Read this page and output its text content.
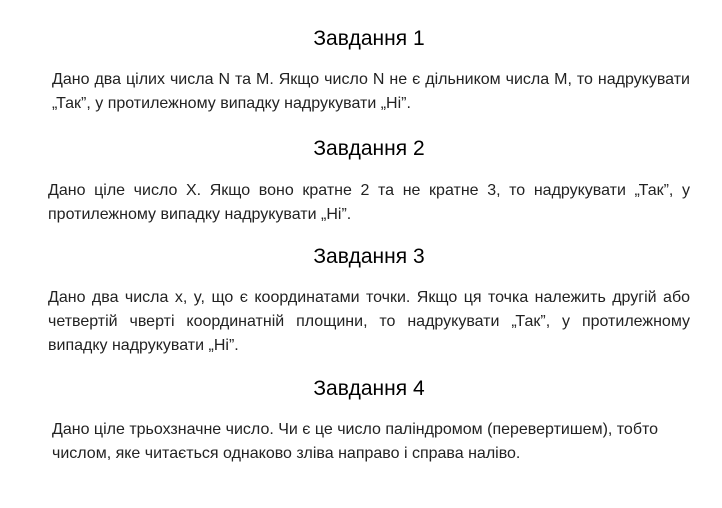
Завдання 1

Дано два цілих числа N та M. Якщо число N не є дільником числа M, то надрукувати „Так”, у протилежному випадку надрукувати „Ні”.

Завдання 2

Дано ціле число X. Якщо воно кратне 2 та не кратне 3, то надрукувати „Так”, у протилежному випадку надрукувати „Ні”.

Завдання 3

Дано два числа x, y, що є координатами точки. Якщо ця точка належить другій або четвертій чверті координатній площини, то надрукувати „Так”, у протилежному випадку надрукувати „Ні”.

Завдання 4

Дано ціле трьохзначне число. Чи є це число паліндромом (перевертишем), тобто числом, яке читається однаково зліва направо і справа наліво.
